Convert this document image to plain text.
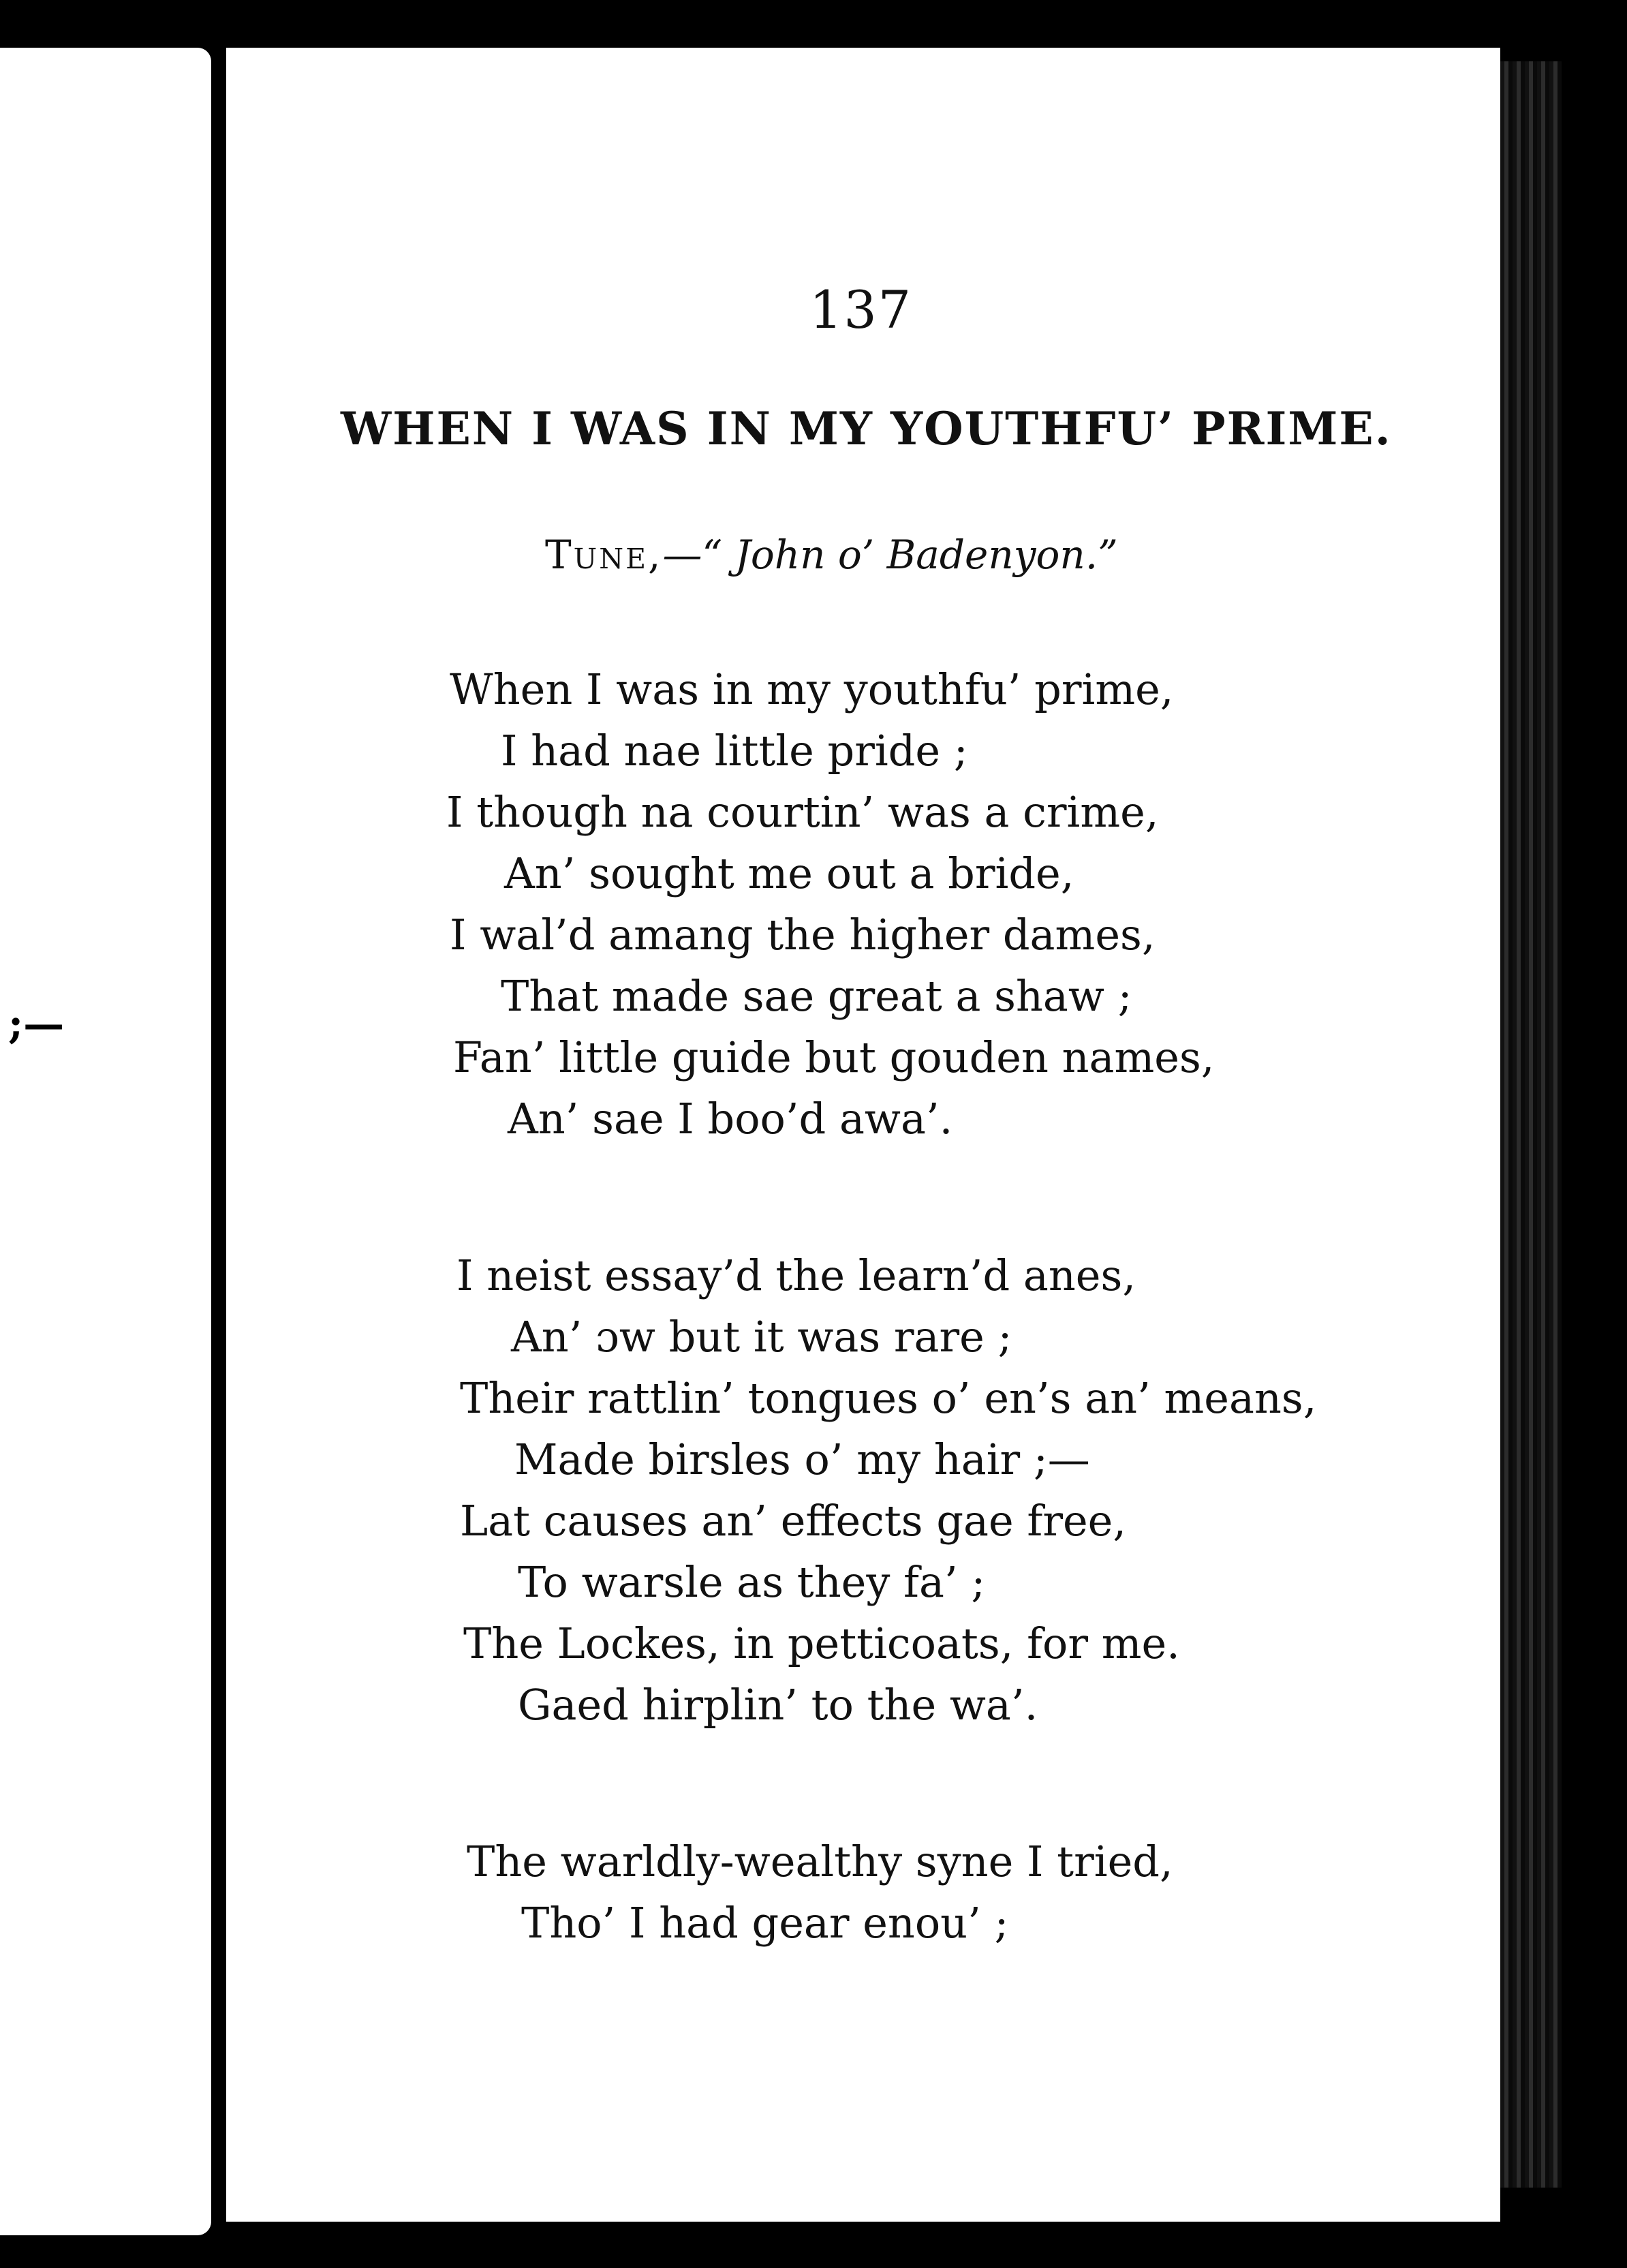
;—
137
WHEN I WAS IN MY YOUTHFU’ PRIME.
Tune,—“ John o’ Badenyon.”
When I was in my youthfu’ prime,
I had nae little pride ;
I though na courtin’ was a crime,
An’ sought me out a bride,
I wal’d amang the higher dames,
That made sae great a shaw ;
Fan’ little guide but gouden names,
An’ sae I boo’d awa’.
I neist essay’d the learn’d anes,
An’ ɔw but it was rare ;
Their rattlin’ tongues o’ en’s an’ means,
Made birsles o’ my hair ;—
Lat causes an’ effects gae free,
To warsle as they fa’ ;
The Lockes, in petticoats, for me.
Gaed hirplin’ to the wa’.
The warldly-wealthy syne I tried,
Tho’ I had gear enou’ ;
